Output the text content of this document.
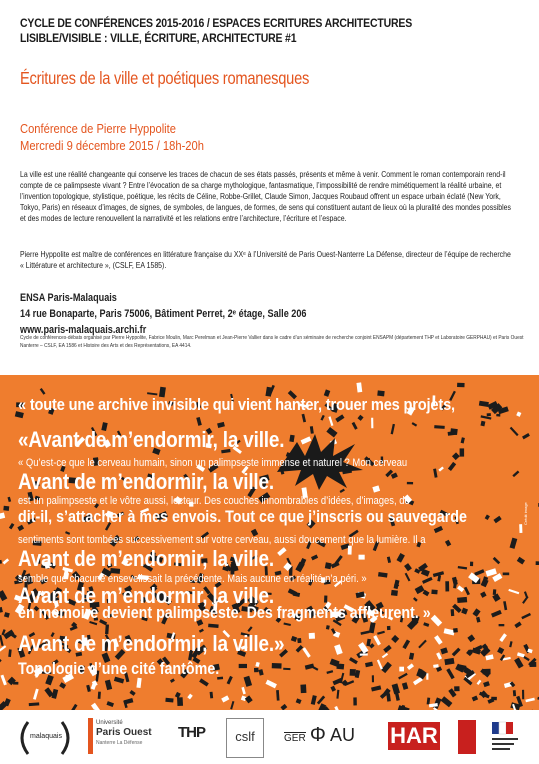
CYCLE DE CONFÉRENCES 2015-2016 / ESPACES ECRITURES ARCHITECTURES
LISIBLE/VISIBLE : VILLE, ÉCRITURE, ARCHITECTURE #1
Écritures de la ville et poétiques romanesques
Conférence de Pierre Hyppolite
Mercredi 9 décembre 2015 / 18h-20h
La ville est une réalité changeante qui conserve les traces de chacun de ses états passés, présents et même à venir. Comment le roman contemporain rend-il compte de ce palimpseste vivant ? Entre l’évocation de sa charge mythologique, fantasmatique, l’impossibilité de rendre mimétiquement la réalité urbaine, et l’invention topologique, stylistique, poétique, les récits de Céline, Robbe-Grillet, Claude Simon, Jacques Roubaud offrent un espace urbain éclaté (New York, Tokyo, Paris) en réseaux d’images, de signes, de symboles, de langues, de formes, de sens qui constituent autant de lieux où la pluralité des mondes possibles et des modes de lecture renouvellent la narrativité et les relations entre l’architecture, l’écriture et l’espace.
Pierre Hyppolite est maître de conférences en littérature française du XXᵉ à l’Université de Paris Ouest-Nanterre La Défense, directeur de l’équipe de recherche « Littérature et architecture », (CSLF, EA 1585).
ENSA Paris-Malaquais
14 rue Bonaparte, Paris 75006, Bâtiment Perret, 2ᵉ étage, Salle 206
www.paris-malaquais.archi.fr
Cycle de conférences-débats organisé par Pierre Hyppolite, Fabrice Moulin, Marc Perelman et Jean-Pierre Vallier dans le cadre d’un séminaire de recherche conjoint ENSAPM (département THP et Laboratoire GERPHAU) et Paris Ouest Nanterre – CSLF, EA 1586 et Histoire des Arts et des Représentations, EA 4414.
« toute une archive invisible qui vient hanter, trouer mes projets,
«Avant de m’endormir, la ville.
« Qu’est-ce que le cerveau humain, sinon un palimpseste immense et naturel ? Mon cerveau
Avant de m’endormir, la ville.
est un palimpseste et le vôtre aussi, lecteur. Des couches innombrables d’idées, d’images, de
dit-il, s’attacher à mes envois. Tout ce que j’inscris ou sauvegarde
sentiments sont tombées successivement sur votre cerveau, aussi doucement que la lumière. Il a
Avant de m’endormir, la ville.
semble que chacune ensevelissait la précédente. Mais aucune en réalité n’a péri. »
Avant de m’endormir, la ville.
en mémoire devient palimpseste. Des fragments affleurent. »
Avant de m’endormir, la ville.»
Topologie d’une cité fantôme.
Crédit image
malaquais
Université
Paris Ouest
Nanterre La Défense
THP	cslf	GER Φ AU HAR
